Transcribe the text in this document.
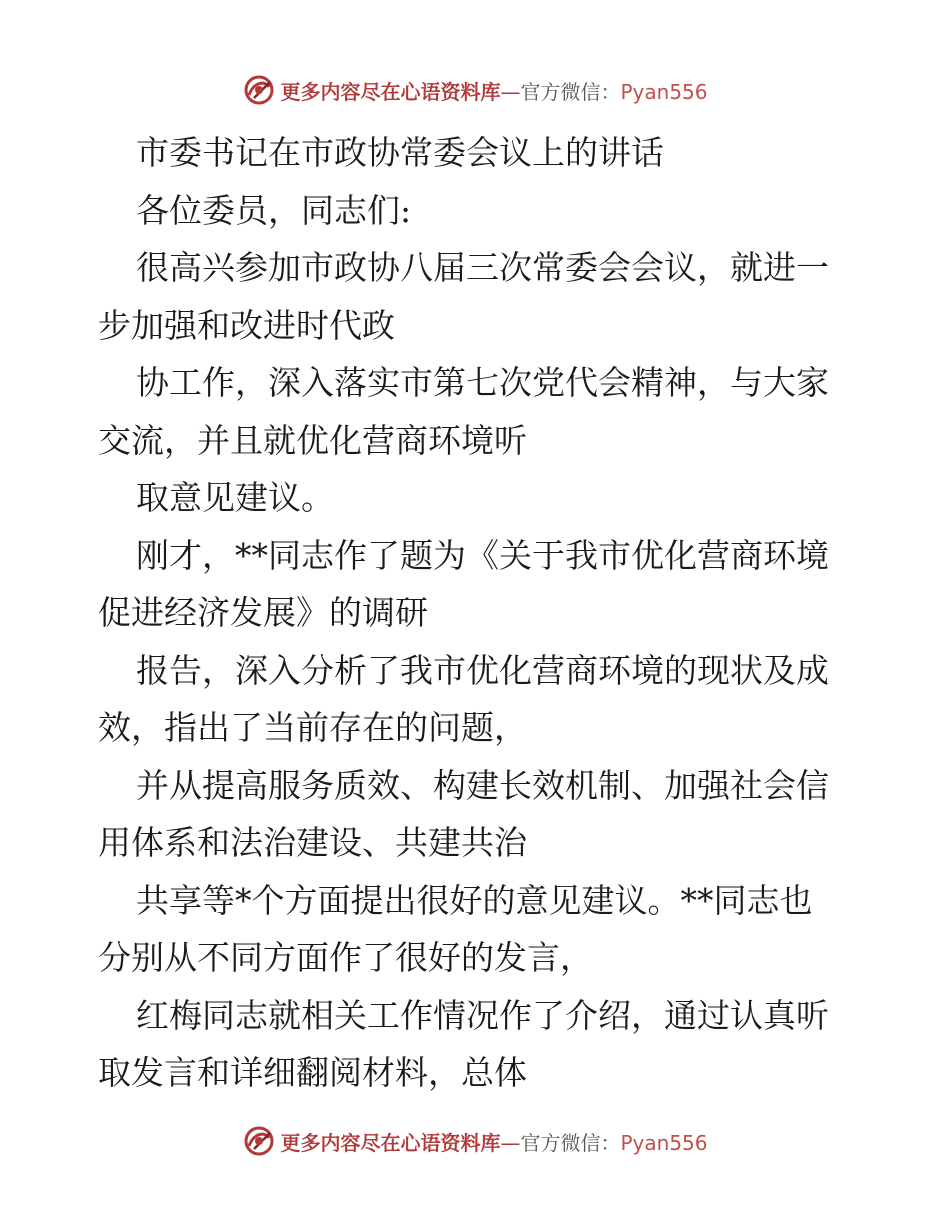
更多内容尽在心语资料库—官方微信：Pyan556
市委书记在市政协常委会议上的讲话
各位委员，同志们:
很高兴参加市政协八届三次常委会会议，就进一
步加强和改进时代政
协工作，深入落实市第七次党代会精神，与大家
交流，并且就优化营商环境听
取意见建议。
刚才，**同志作了题为《关于我市优化营商环境
促进经济发展》的调研
报告，深入分析了我市优化营商环境的现状及成
效，指出了当前存在的问题，
并从提高服务质效、构建长效机制、加强社会信
用体系和法治建设、共建共治
共享等*个方面提出很好的意见建议。**同志也
分别从不同方面作了很好的发言，
红梅同志就相关工作情况作了介绍，通过认真听
取发言和详细翻阅材料，总体
更多内容尽在心语资料库—官方微信：Pyan556
